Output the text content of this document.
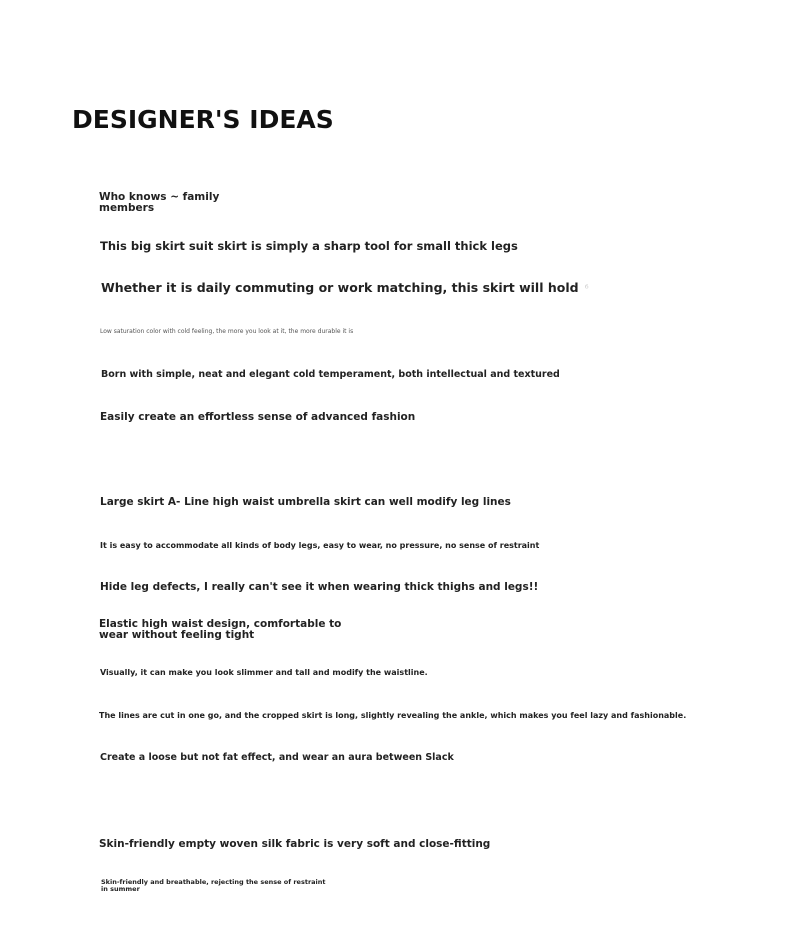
DESIGNER'S IDEAS
Who knows ~ family members
This big skirt suit skirt is simply a sharp tool for small thick legs
Whether it is daily commuting or work matching, this skirt will hold ⁶
Low saturation color with cold feeling, the more you look at it, the more durable it is
Born with simple, neat and elegant cold temperament, both intellectual and textured
Easily create an effortless sense of advanced fashion
Large skirt A- Line high waist umbrella skirt can well modify leg lines
It is easy to accommodate all kinds of body legs, easy to wear, no pressure, no sense of restraint
Hide leg defects, I really can't see it when wearing thick thighs and legs!!
Elastic high waist design, comfortable to wear without feeling tight
Visually, it can make you look slimmer and tall and modify the waistline.
The lines are cut in one go, and the cropped skirt is long, slightly revealing the ankle, which makes you feel lazy and fashionable.
Create a loose but not fat effect, and wear an aura between Slack
Skin-friendly empty woven silk fabric is very soft and close-fitting
Skin-friendly and breathable, rejecting the sense of restraint in summer
